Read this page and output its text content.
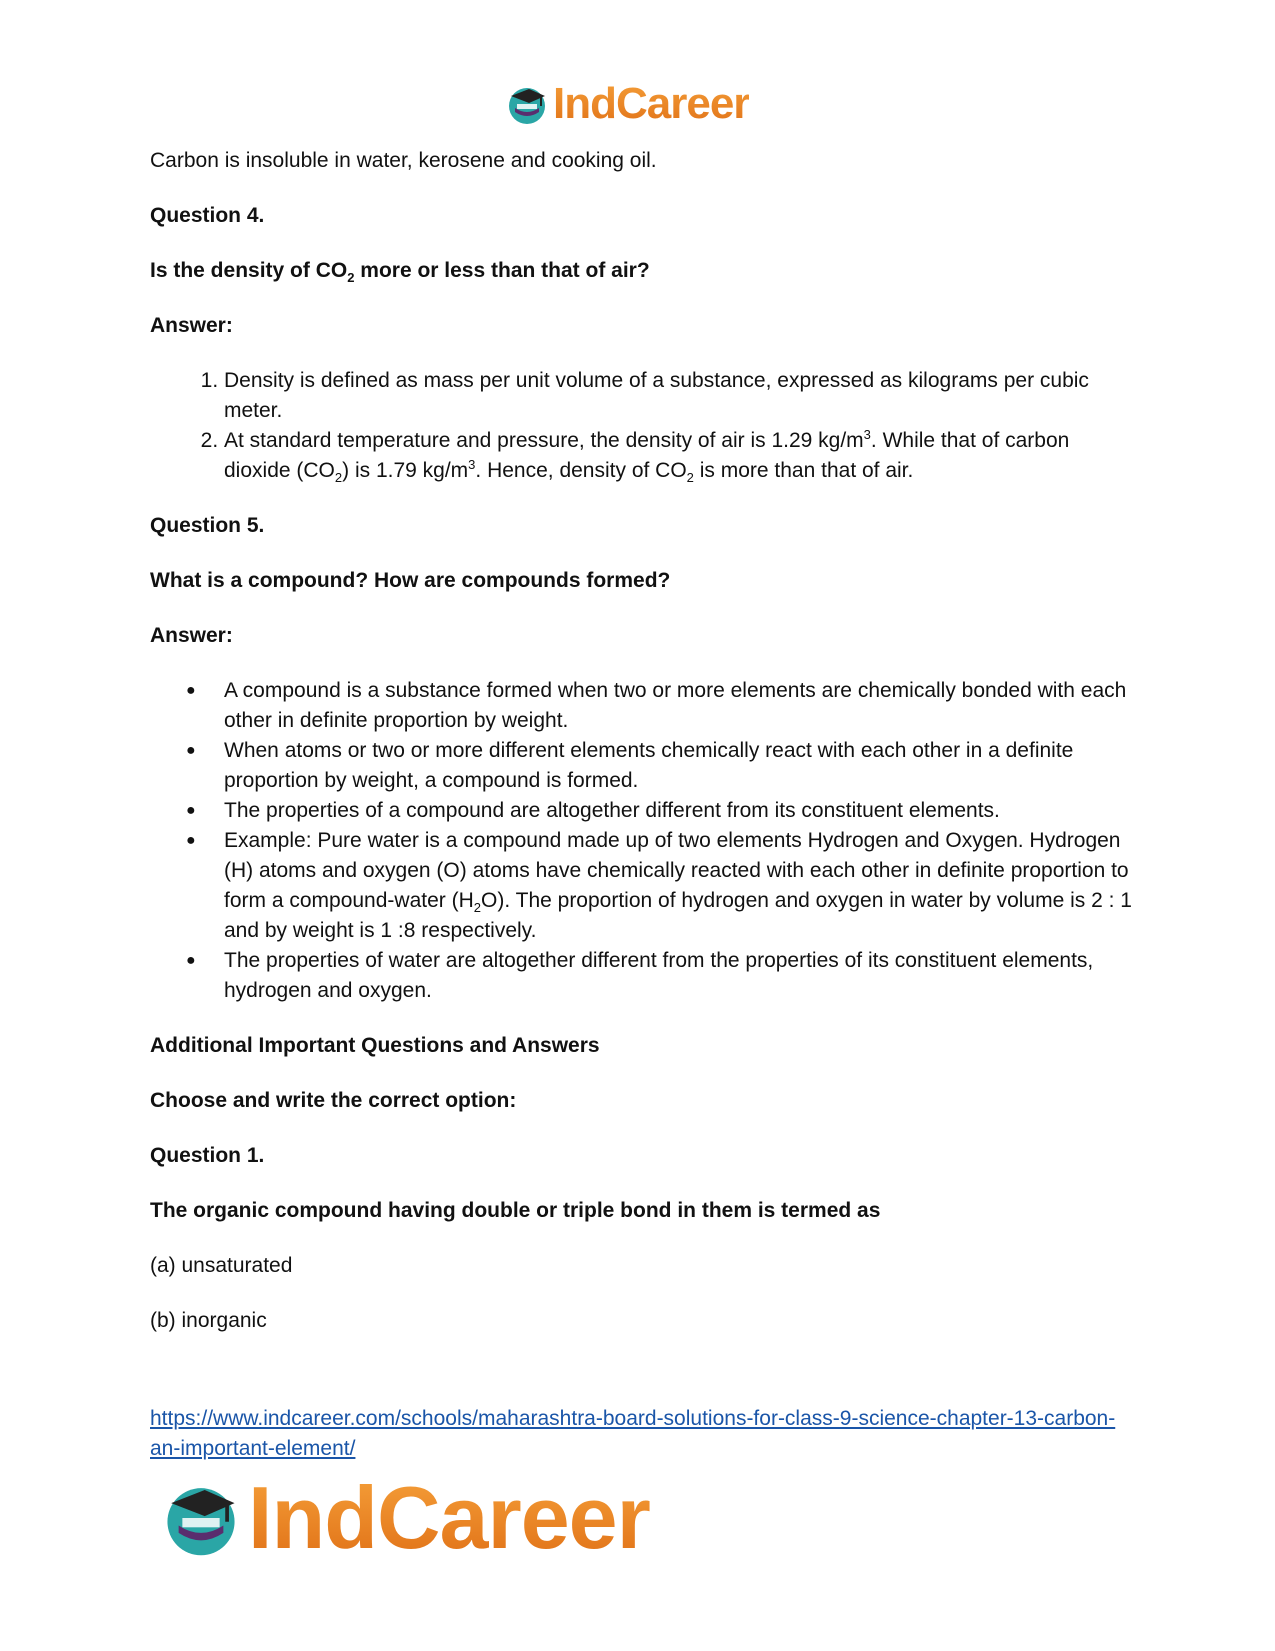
IndCareer

Carbon is insoluble in water, kerosene and cooking oil.

Question 4.

Is the density of $CO_2$ more or less than that of air?

Answer:

1. Density is defined as mass per unit volume of a substance, expressed as kilograms per cubic meter.
2. At standard temperature and pressure, the density of air is 1.29 $kg/m^3$. While that of carbon dioxide $(CO_2)$ is 1.79 $kg/m^3$. Hence, density of $CO_2$ is more than that of air.

Question 5.

What is a compound? How are compounds formed?

Answer:

● A compound is a substance formed when two or more elements are chemically bonded with each other in definite proportion by weight.
● When atoms or two or more different elements chemically react with each other in a definite proportion by weight, a compound is formed.
● The properties of a compound are altogether different from its constituent elements.
● Example: Pure water is a compound made up of two elements Hydrogen and Oxygen. Hydrogen (H) atoms and oxygen (O) atoms have chemically reacted with each other in definite proportion to form a compound-water $(H_2O)$. The proportion of hydrogen and oxygen in water by volume is 2 : 1 and by weight is 1 :8 respectively.
● The properties of water are altogether different from the properties of its constituent elements, hydrogen and oxygen.

Additional Important Questions and Answers

Choose and write the correct option:

Question 1.

The organic compound having double or triple bond in them is termed as

(a) unsaturated

(b) inorganic

https://www.indcareer.com/schools/maharashtra-board-solutions-for-class-9-science-chapter-13-carbon-an-important-element/
IndCareer
